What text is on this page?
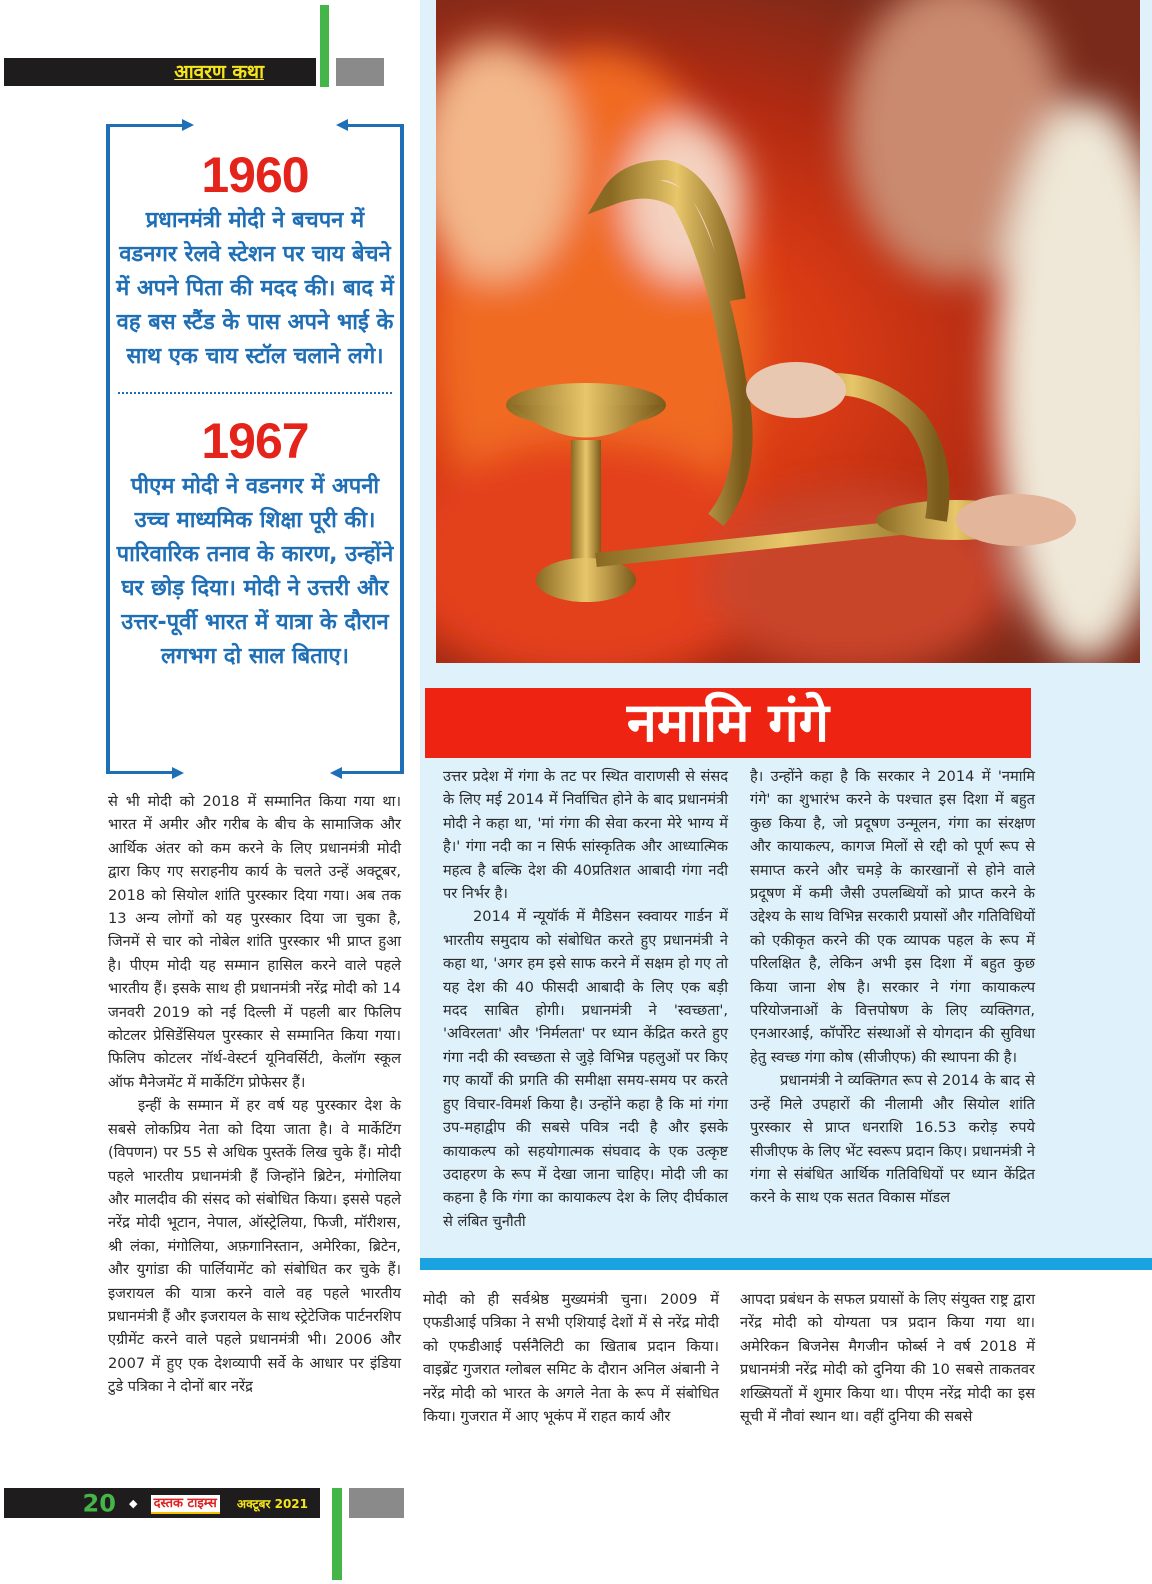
आवरण कथा
1960
प्रधानमंत्री मोदी ने बचपन में वडनगर रेलवे स्टेशन पर चाय बेचने में अपने पिता की मदद की। बाद में वह बस स्टैंड के पास अपने भाई के साथ एक चाय स्टॉल चलाने लगे।
1967
पीएम मोदी ने वडनगर में अपनी उच्च माध्यमिक शिक्षा पूरी की। पारिवारिक तनाव के कारण, उन्होंने घर छोड़ दिया। मोदी ने उत्तरी और उत्तर-पूर्वी भारत में यात्रा के दौरान लगभग दो साल बिताए।

से भी मोदी को 2018 में सम्मानित किया गया था। भारत में अमीर और गरीब के बीच के सामाजिक और आर्थिक अंतर को कम करने के लिए प्रधानमंत्री मोदी द्वारा किए गए सराहनीय कार्य के चलते उन्हें अक्टूबर, 2018 को सियोल शांति पुरस्कार दिया गया। अब तक 13 अन्य लोगों को यह पुरस्कार दिया जा चुका है, जिनमें से चार को नोबेल शांति पुरस्कार भी प्राप्त हुआ है। पीएम मोदी यह सम्मान हासिल करने वाले पहले भारतीय हैं। इसके साथ ही प्रधानमंत्री नरेंद्र मोदी को 14 जनवरी 2019 को नई दिल्ली में पहली बार फिलिप कोटलर प्रेसिडेंसियल पुरस्कार से सम्मानित किया गया। फिलिप कोटलर नॉर्थ-वेस्टर्न यूनिवर्सिटी, केलॉग स्कूल ऑफ मैनेजमेंट में मार्केटिंग प्रोफेसर हैं।

इन्हीं के सम्मान में हर वर्ष यह पुरस्कार देश के सबसे लोकप्रिय नेता को दिया जाता है। वे मार्केटिंग (विपणन) पर 55 से अधिक पुस्तकें लिख चुके हैं। मोदी पहले भारतीय प्रधानमंत्री हैं जिन्होंने ब्रिटेन, मंगोलिया और मालदीव की संसद को संबोधित किया। इससे पहले नरेंद्र मोदी भूटान, नेपाल, ऑस्ट्रेलिया, फिजी, मॉरीशस, श्री लंका, मंगोलिया, अफ़गानिस्तान, अमेरिका, ब्रिटेन, और युगांडा की पार्लियामेंट को संबोधित कर चुके हैं। इजरायल की यात्रा करने वाले वह पहले भारतीय प्रधानमंत्री हैं और इजरायल के साथ स्ट्रेटेजिक पार्टनरशिप एग्रीमेंट करने वाले पहले प्रधानमंत्री भी। 2006 और 2007 में हुए एक देशव्यापी सर्वे के आधार पर इंडिया टुडे पत्रिका ने दोनों बार नरेंद्र

नमामि गंगे

उत्तर प्रदेश में गंगा के तट पर स्थित वाराणसी से संसद के लिए मई 2014 में निर्वाचित होने के बाद प्रधानमंत्री मोदी ने कहा था, 'मां गंगा की सेवा करना मेरे भाग्य में है।' गंगा नदी का न सिर्फ सांस्कृतिक और आध्यात्मिक महत्व है बल्कि देश की 40प्रतिशत आबादी गंगा नदी पर निर्भर है।

2014 में न्यूयॉर्क में मैडिसन स्क्वायर गार्डन में भारतीय समुदाय को संबोधित करते हुए प्रधानमंत्री ने कहा था, 'अगर हम इसे साफ करने में सक्षम हो गए तो यह देश की 40 फीसदी आबादी के लिए एक बड़ी मदद साबित होगी। प्रधानमंत्री ने 'स्वच्छता', 'अविरलता' और 'निर्मलता' पर ध्यान केंद्रित करते हुए गंगा नदी की स्वच्छता से जुड़े विभिन्न पहलुओं पर किए गए कार्यों की प्रगति की समीक्षा समय-समय पर करते हुए विचार-विमर्श किया है। उन्होंने कहा है कि मां गंगा उप-महाद्वीप की सबसे पवित्र नदी है और इसके कायाकल्प को सहयोगात्मक संघवाद के एक उत्कृष्ट उदाहरण के रूप में देखा जाना चाहिए। मोदी जी का कहना है कि गंगा का कायाकल्प देश के लिए दीर्घकाल से लंबित चुनौती

है। उन्होंने कहा है कि सरकार ने 2014 में 'नमामि गंगे' का शुभारंभ करने के पश्चात इस दिशा में बहुत कुछ किया है, जो प्रदूषण उन्मूलन, गंगा का संरक्षण और कायाकल्प, कागज मिलों से रद्दी को पूर्ण रूप से समाप्त करने और चमड़े के कारखानों से होने वाले प्रदूषण में कमी जैसी उपलब्धियों को प्राप्त करने के उद्देश्य के साथ विभिन्न सरकारी प्रयासों और गतिविधियों को एकीकृत करने की एक व्यापक पहल के रूप में परिलक्षित है, लेकिन अभी इस दिशा में बहुत कुछ किया जाना शेष है। सरकार ने गंगा कायाकल्प परियोजनाओं के वित्तपोषण के लिए व्यक्तिगत, एनआरआई, कॉर्पोरेट संस्थाओं से योगदान की सुविधा हेतु स्वच्छ गंगा कोष (सीजीएफ) की स्थापना की है।

प्रधानमंत्री ने व्यक्तिगत रूप से 2014 के बाद से उन्हें मिले उपहारों की नीलामी और सियोल शांति पुरस्कार से प्राप्त धनराशि 16.53 करोड़ रुपये सीजीएफ के लिए भेंट स्वरूप प्रदान किए। प्रधानमंत्री ने गंगा से संबंधित आर्थिक गतिविधियों पर ध्यान केंद्रित करने के साथ एक सतत विकास मॉडल

मोदी को ही सर्वश्रेष्ठ मुख्यमंत्री चुना। 2009 में एफडीआई पत्रिका ने सभी एशियाई देशों में से नरेंद्र मोदी को एफडीआई पर्सनैलिटी का खिताब प्रदान किया। वाइब्रेंट गुजरात ग्लोबल समिट के दौरान अनिल अंबानी ने नरेंद्र मोदी को भारत के अगले नेता के रूप में संबोधित किया। गुजरात में आए भूकंप में राहत कार्य और

आपदा प्रबंधन के सफल प्रयासों के लिए संयुक्त राष्ट्र द्वारा नरेंद्र मोदी को योग्यता पत्र प्रदान किया गया था। अमेरिकन बिजनेस मैगजीन फोर्ब्स ने वर्ष 2018 में प्रधानमंत्री नरेंद्र मोदी को दुनिया की 10 सबसे ताकतवर शख्सियतों में शुमार किया था। पीएम नरेंद्र मोदी का इस सूची में नौवां स्थान था। वहीं दुनिया की सबसे

20 ◆ दस्तक टाइम्स अक्टूबर 2021
